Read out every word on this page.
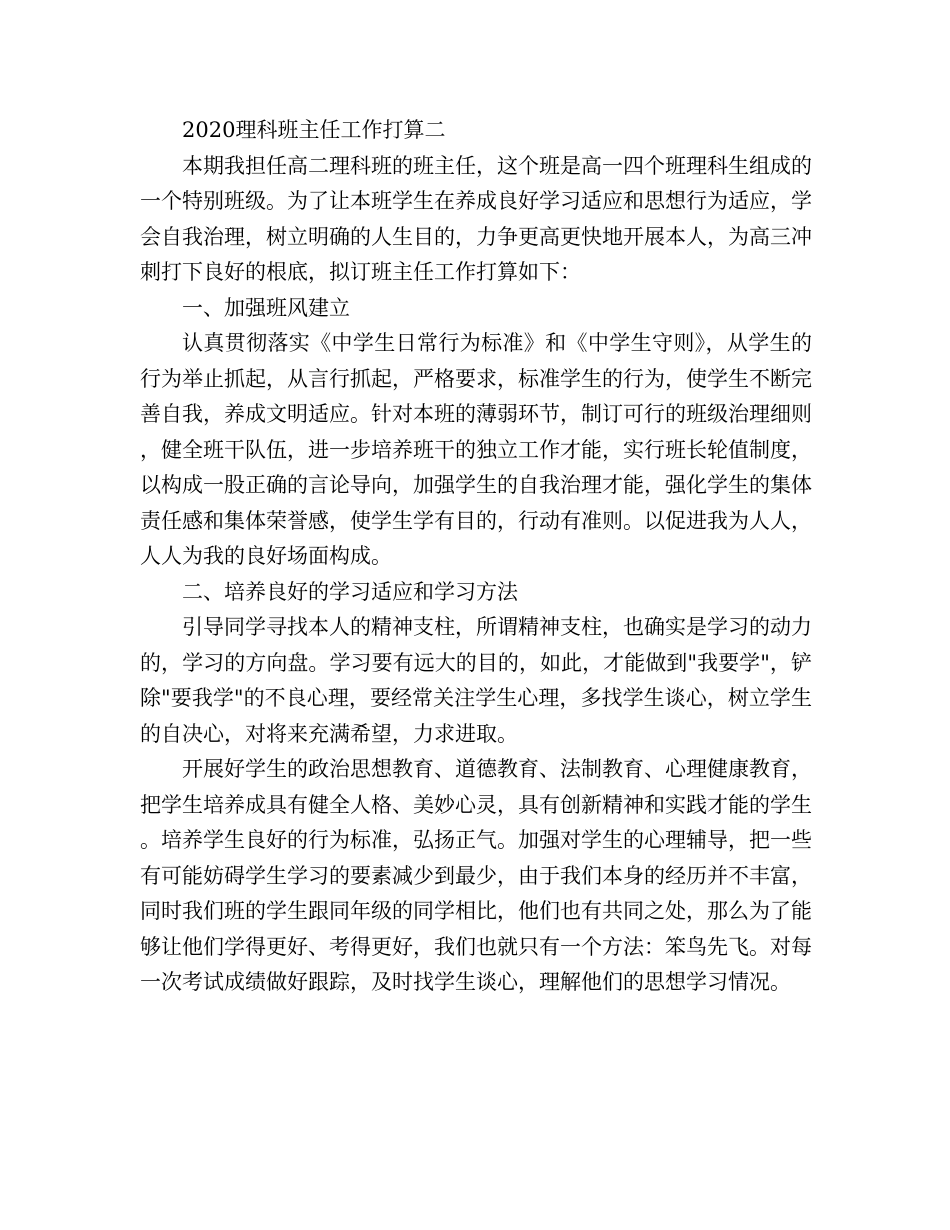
2020理科班主任工作打算二

本期我担任高二理科班的班主任，这个班是高一四个班理科生组成的一个特别班级。为了让本班学生在养成良好学习适应和思想行为适应，学会自我治理，树立明确的人生目的，力争更高更快地开展本人，为高三冲刺打下良好的根底，拟订班主任工作打算如下：

一、加强班风建立

认真贯彻落实《中学生日常行为标准》和《中学生守则》，从学生的行为举止抓起，从言行抓起，严格要求，标准学生的行为，使学生不断完善自我，养成文明适应。针对本班的薄弱环节，制订可行的班级治理细则，健全班干队伍，进一步培养班干的独立工作才能，实行班长轮值制度，以构成一股正确的言论导向，加强学生的自我治理才能，强化学生的集体责任感和集体荣誉感，使学生学有目的，行动有准则。以促进我为人人，人人为我的良好场面构成。

二、培养良好的学习适应和学习方法

引导同学寻找本人的精神支柱，所谓精神支柱，也确实是学习的动力的，学习的方向盘。学习要有远大的目的，如此，才能做到"我要学"，铲除"要我学"的不良心理，要经常关注学生心理，多找学生谈心，树立学生的自决心，对将来充满希望，力求进取。

开展好学生的政治思想教育、道德教育、法制教育、心理健康教育，把学生培养成具有健全人格、美妙心灵，具有创新精神和实践才能的学生。培养学生良好的行为标准，弘扬正气。加强对学生的心理辅导，把一些有可能妨碍学生学习的要素减少到最少，由于我们本身的经历并不丰富，同时我们班的学生跟同年级的同学相比，他们也有共同之处，那么为了能够让他们学得更好、考得更好，我们也就只有一个方法：笨鸟先飞。对每一次考试成绩做好跟踪，及时找学生谈心，理解他们的思想学习情况。
